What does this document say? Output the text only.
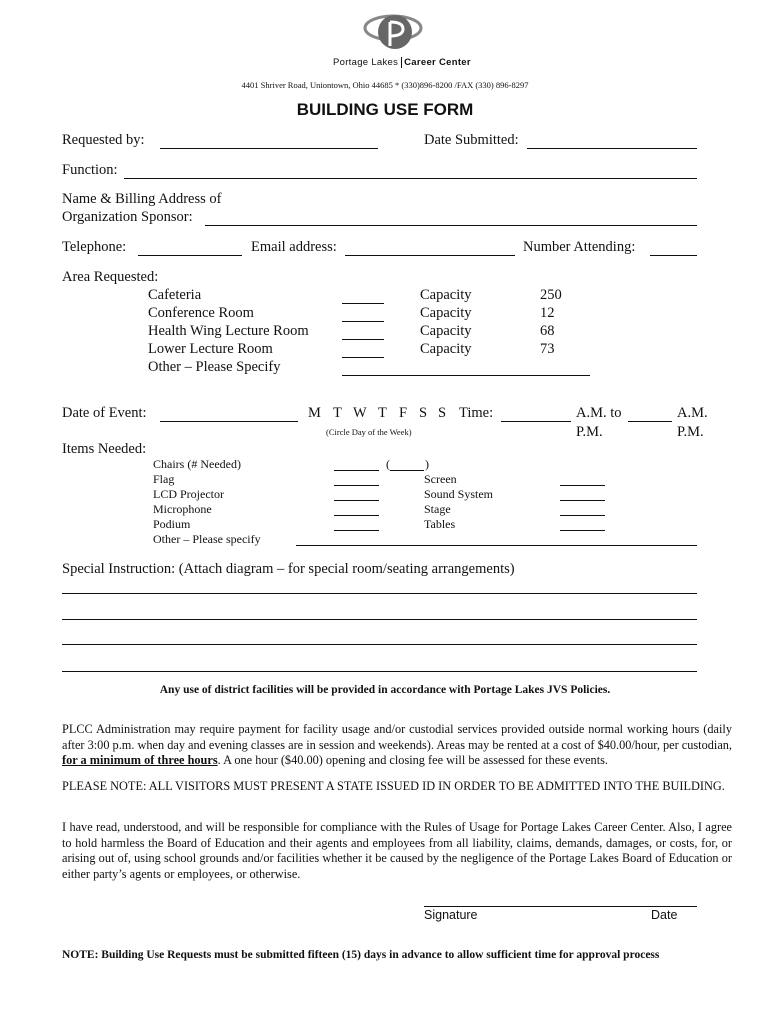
Portage Lakes Career Center
4401 Shriver Road, Uniontown, Ohio 44685 * (330)896-8200 /FAX (330) 896-8297
BUILDING USE FORM
Requested by:	Date Submitted:
Function:
Name & Billing Address of
Organization Sponsor:
Telephone:	Email address:	Number Attending:
Area Requested:
Cafeteria	Capacity	250
Conference Room	Capacity	12
Health Wing Lecture Room	Capacity	68
Lower Lecture Room	Capacity	73
Other – Please Specify
Date of Event:	M T W T F S S Time:	A.M. to	A.M.
(Circle Day of the Week)	P.M.	P.M.
Items Needed:
Chairs (# Needed)	(	)
Flag	Screen
LCD Projector	Sound System
Microphone	Stage
Podium	Tables
Other – Please specify
Special Instruction: (Attach diagram – for special room/seating arrangements)
Any use of district facilities will be provided in accordance with Portage Lakes JVS Policies.
PLCC Administration may require payment for facility usage and/or custodial services provided outside normal working hours (daily after 3:00 p.m. when day and evening classes are in session and weekends). Areas may be rented at a cost of $40.00/hour, per custodian, for a minimum of three hours. A one hour ($40.00) opening and closing fee will be assessed for these events.
PLEASE NOTE: ALL VISITORS MUST PRESENT A STATE ISSUED ID IN ORDER TO BE ADMITTED INTO THE BUILDING.
I have read, understood, and will be responsible for compliance with the Rules of Usage for Portage Lakes Career Center. Also, I agree to hold harmless the Board of Education and their agents and employees from all liability, claims, demands, damages, or costs, for, or arising out of, using school grounds and/or facilities whether it be caused by the negligence of the Portage Lakes Board of Education or either party’s agents or employees, or otherwise.
Signature	Date
NOTE: Building Use Requests must be submitted fifteen (15) days in advance to allow sufficient time for approval process
